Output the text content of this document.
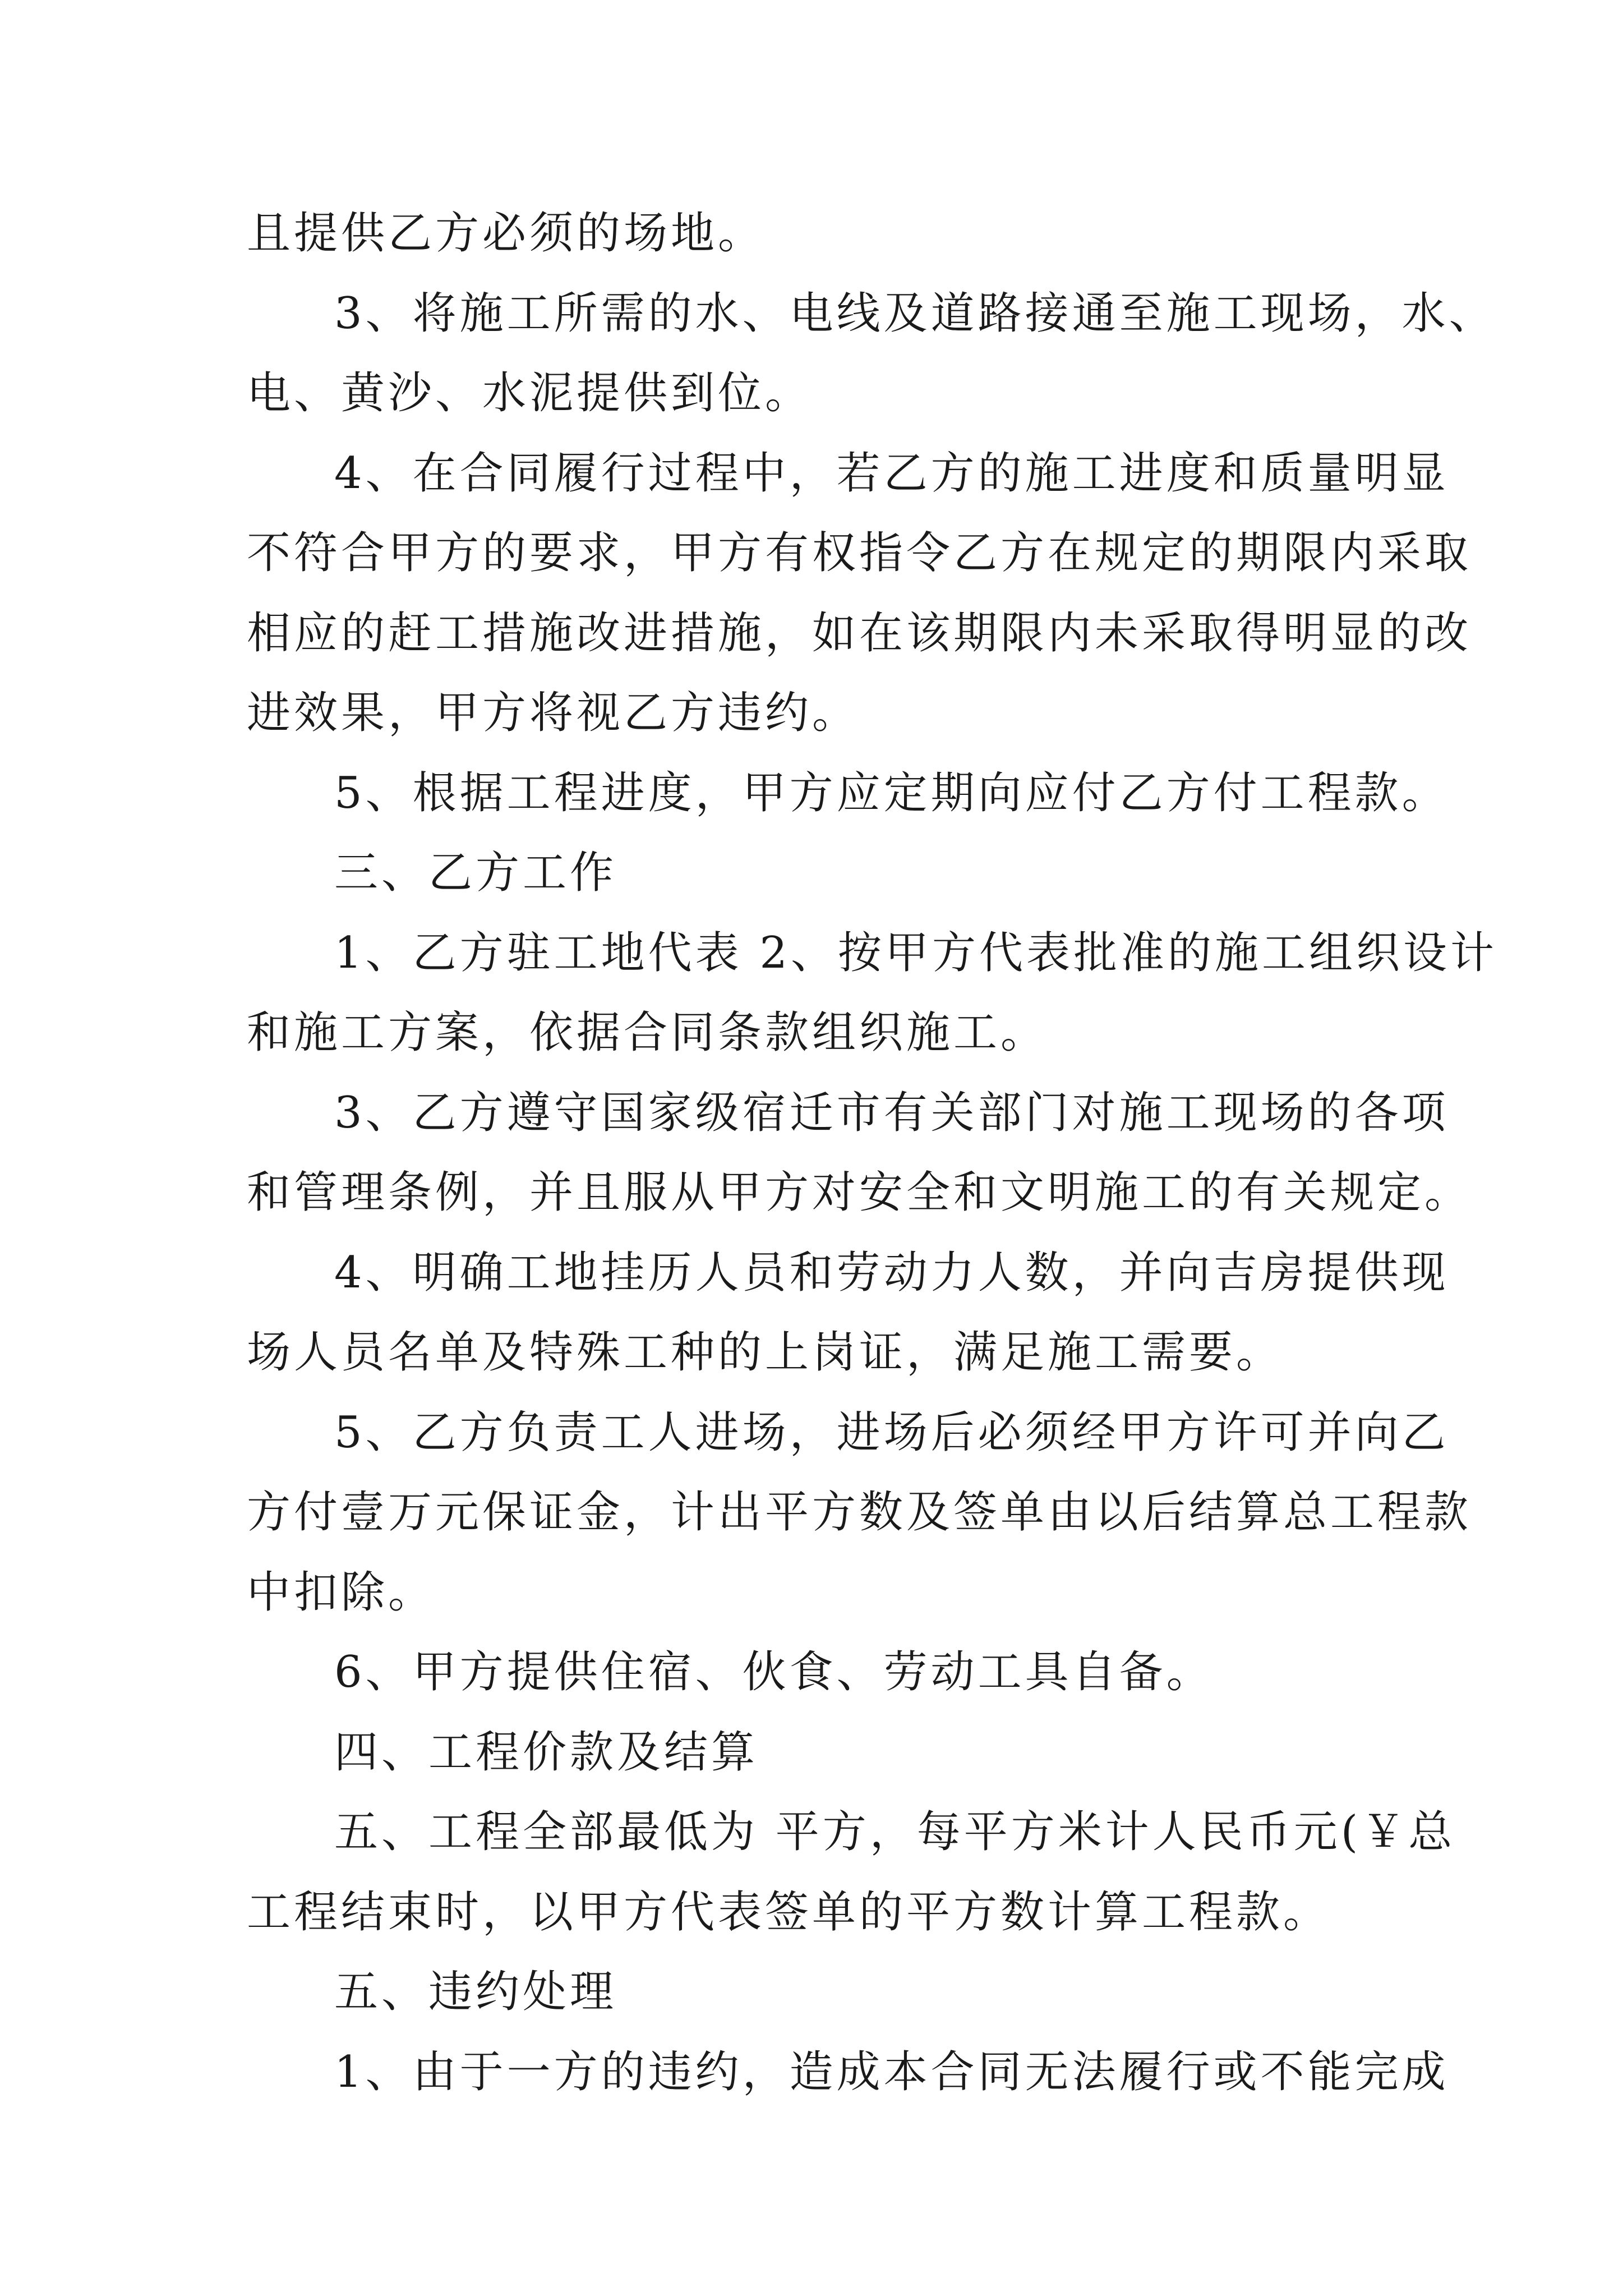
且提供乙方必须的场地。
3、将施工所需的水、电线及道路接通至施工现场，水、
电、黄沙、水泥提供到位。
4、在合同履行过程中，若乙方的施工进度和质量明显
不符合甲方的要求，甲方有权指令乙方在规定的期限内采取
相应的赶工措施改进措施，如在该期限内未采取得明显的改
进效果，甲方将视乙方违约。
5、根据工程进度，甲方应定期向应付乙方付工程款。
三、乙方工作
1、乙方驻工地代表 2、按甲方代表批准的施工组织设计
和施工方案，依据合同条款组织施工。
3、乙方遵守国家级宿迁市有关部门对施工现场的各项
和管理条例，并且服从甲方对安全和文明施工的有关规定。
4、明确工地挂历人员和劳动力人数，并向吉房提供现
场人员名单及特殊工种的上岗证，满足施工需要。
5、乙方负责工人进场，进场后必须经甲方许可并向乙
方付壹万元保证金，计出平方数及签单由以后结算总工程款
中扣除。
6、甲方提供住宿、伙食、劳动工具自备。
四、工程价款及结算
五、工程全部最低为 平方，每平方米计人民币元(￥总
工程结束时，以甲方代表签单的平方数计算工程款。
五、违约处理
1、由于一方的违约，造成本合同无法履行或不能完成
